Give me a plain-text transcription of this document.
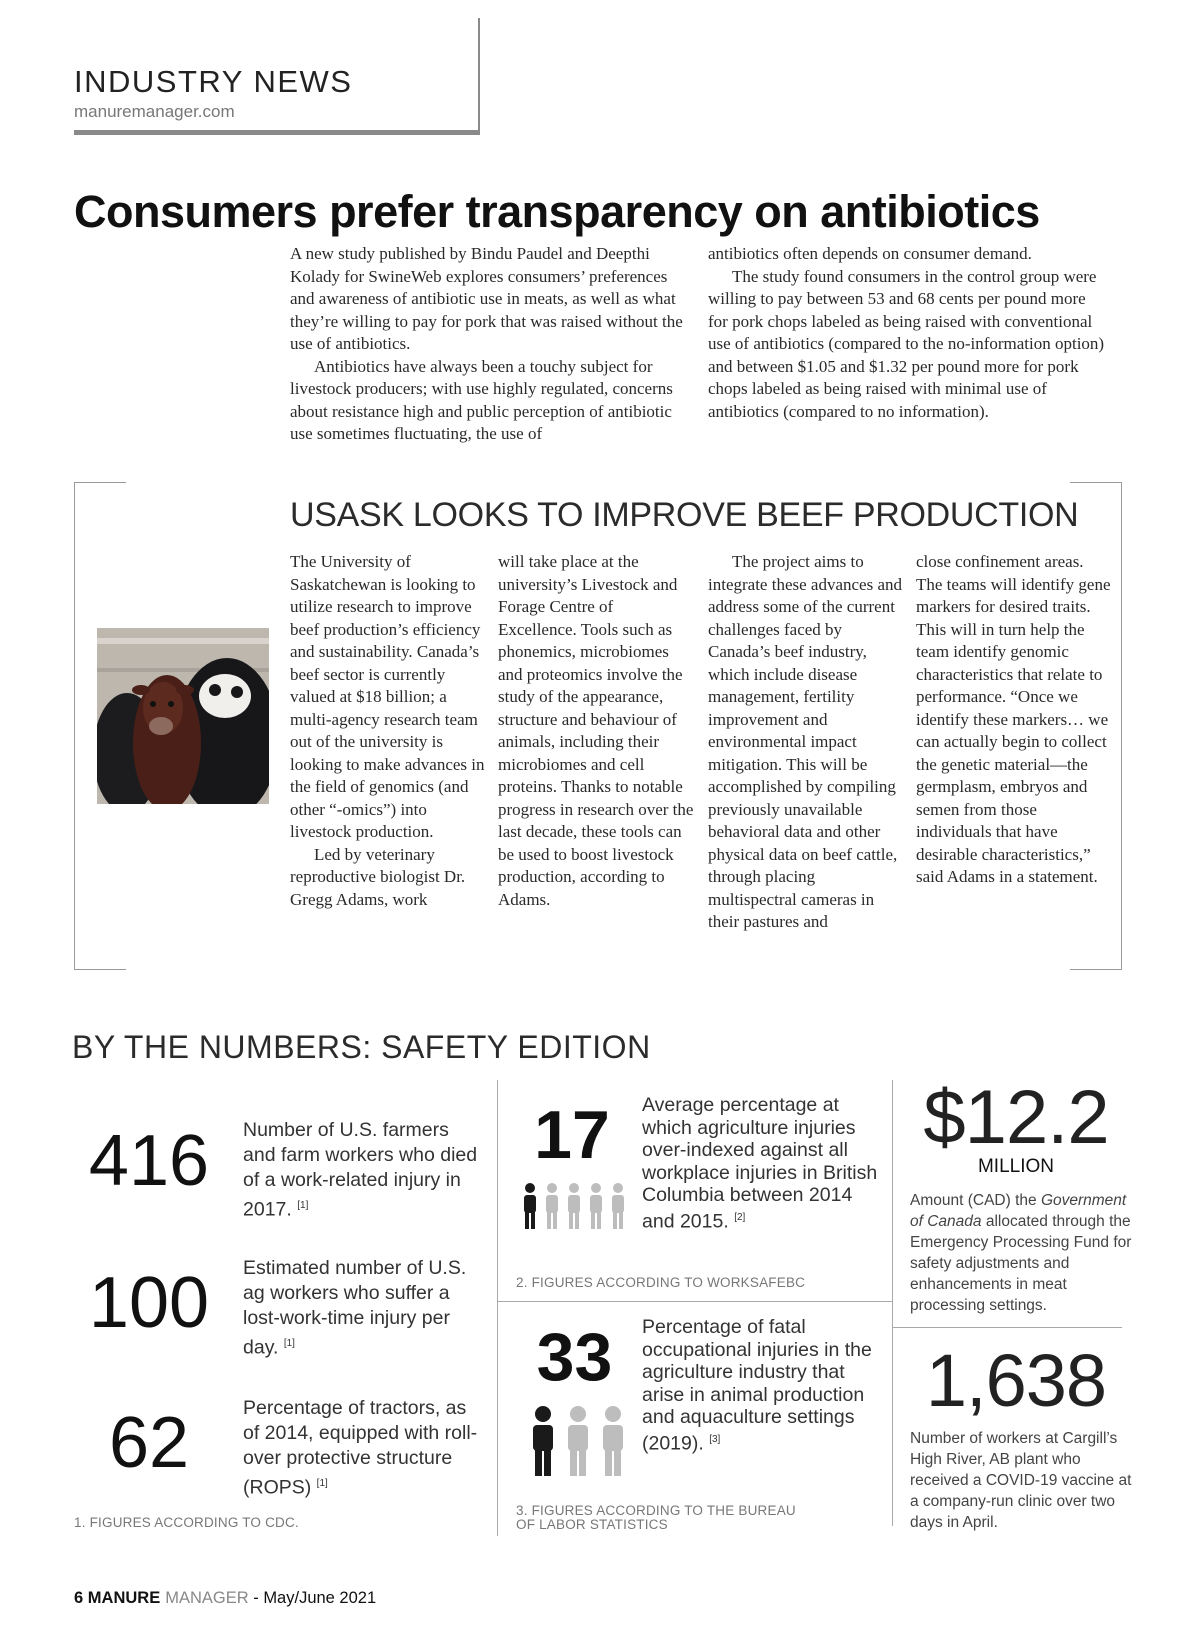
INDUSTRY NEWS
manuremanager.com
Consumers prefer transparency on antibiotics

A new study published by Bindu Paudel and Deepthi Kolady for SwineWeb explores consumers’ preferences and awareness of antibiotic use in meats, as well as what they’re willing to pay for pork that was raised without the use of antibiotics.

Antibiotics have always been a touchy subject for livestock producers; with use highly regulated, concerns about resistance high and public perception of antibiotic use sometimes fluctuating, the use of

antibiotics often depends on consumer demand.

The study found consumers in the control group were willing to pay between 53 and 68 cents per pound more for pork chops labeled as being raised with conventional use of antibiotics (compared to the no-information option) and between $1.05 and $1.32 per pound more for pork chops labeled as being raised with minimal use of antibiotics (compared to no information).

USASK LOOKS TO IMPROVE BEEF PRODUCTION

The University of Saskatchewan is looking to utilize research to improve beef production’s efficiency and sustainability. Canada’s beef sector is currently valued at $18 billion; a multi-agency research team out of the university is looking to make advances in the field of genomics (and other “-omics”) into livestock production.

Led by veterinary reproductive biologist Dr. Gregg Adams, work

will take place at the university’s Livestock and Forage Centre of Excellence. Tools such as phonemics, microbiomes and proteomics involve the study of the appearance, structure and behaviour of animals, including their microbiomes and cell proteins. Thanks to notable progress in research over the last decade, these tools can be used to boost livestock production, according to Adams.

The project aims to integrate these advances and address some of the current challenges faced by Canada’s beef industry, which include disease management, fertility improvement and environmental impact mitigation. This will be accomplished by compiling previously unavailable behavioral data and other physical data on beef cattle, through placing multispectral cameras in their pastures and

close confinement areas. The teams will identify gene markers for desired traits. This will in turn help the team identify genomic characteristics that relate to performance. “Once we identify these markers… we can actually begin to collect the genetic material—the germplasm, embryos and semen from those individuals that have desirable characteristics,” said Adams in a statement.

BY THE NUMBERS: SAFETY EDITION
416	Number of U.S. farmers and farm workers who died of a work-related injury in 2017. [1]
100	Estimated number of U.S. ag workers who suffer a lost-work-time injury per day. [1]
62	Percentage of tractors, as of 2014, equipped with roll-over protective structure (ROPS) [1]
1. FIGURES ACCORDING TO CDC.
17	Average percentage at which agriculture injuries over-indexed against all workplace injuries in British Columbia between 2014 and 2015. [2]
2. FIGURES ACCORDING TO WORKSAFEBC
33	Percentage of fatal occupational injuries in the agriculture industry that arise in animal production and aquaculture settings (2019). [3]
3. FIGURES ACCORDING TO THE BUREAU
OF LABOR STATISTICS
$12.2
MILLION
Amount (CAD) the Government of Canada allocated through the Emergency Processing Fund for safety adjustments and enhancements in meat processing settings.
1,638
Number of workers at Cargill’s High River, AB plant who received a COVID-19 vaccine at a company-run clinic over two days in April.
6 MANURE MANAGER - May/June 2021
